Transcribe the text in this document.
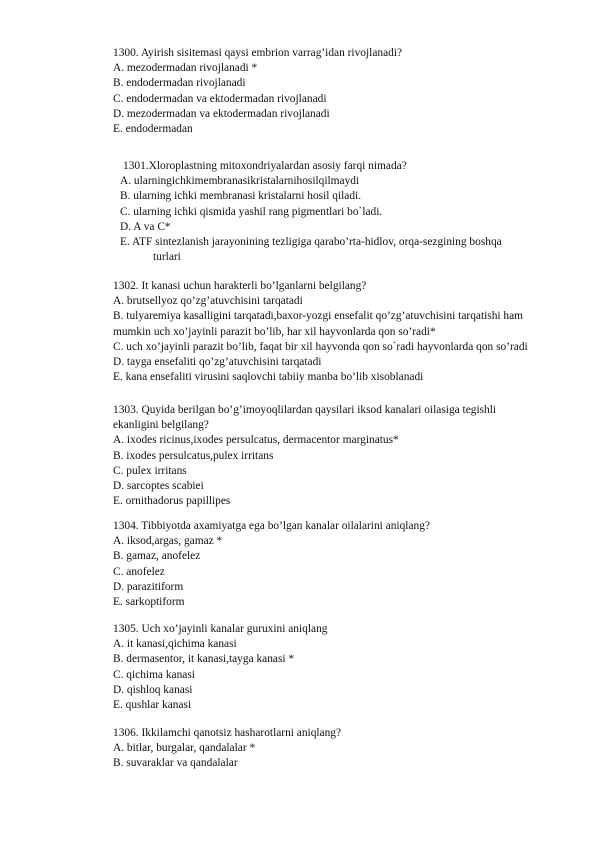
1300. Ayirish sisitemasi qaysi embrion varrag’idan rivojlanadi?
A. mezodermadan rivojlanadi *
B. endodermadan rivojlanadi
C. endodermadan va ektodermadan rivojlanadi
D. mezodermadan va ektodermadan rivojlanadi
E. endodermadan
1301.Xloroplastning mitoxondriyalardan asosiy farqi nimada?
A. ularningichkimembranasikristalarnihosilqilmaydi
B. ularning ichki membranasi kristalarni hosil qiladi.
C. ularning ichki qismida yashil rang pigmentlari bo`ladi.
D. A va C*
E. ATF sintezlanish jarayonining tezligiga qarabo’rta-hidlov, orqa-sezgining boshqa
turlari
1302. It kanasi uchun harakterli bo’lganlarni belgilang?
A. brutsellyoz qo’zg’atuvchisini tarqatadi
B. tulyaremiya kasalligini tarqatadi,baxor-yozgi ensefalit qo’zg’atuvchisini tarqatishi ham
mumkin uch xo’jayinli parazit bo’lib, har xil hayvonlarda qon so’radi*
C. uch xo’jayinli parazit bo’lib, faqat bir xil hayvonda qon so`radi hayvonlarda qon so’radi
D. tayga ensefaliti qo’zg’atuvchisini tarqatadi
E. kana ensefaliti virusini saqlovchi tabiiy manba bo’lib xisoblanadi
1303. Quyida berilgan bo’g’imoyoqlilardan qaysilari iksod kanalari oilasiga tegishli
ekanligini belgilang?
A. ixodes ricinus,ixodes persulcatus, dermacentor marginatus*
B. ixodes persulcatus,pulex irritans
C. pulex irritans
D. sarcoptes scabiei
E. ornithadorus papillipes
1304. Tibbiyotda axamiyatga ega bo’lgan kanalar oilalarini aniqlang?
A. iksod,argas, gamaz *
B. gamaz, anofelez
C. anofelez
D. parazitiform
E. sarkoptiform
1305. Uch xo’jayinli kanalar guruxini aniqlang
A. it kanasi,qichima kanasi
B. dermasentor, it kanasi,tayga kanasi *
C. qichima kanasi
D. qishloq kanasi
E. qushlar kanasi
1306. Ikkilamchi qanotsiz hasharotlarni aniqlang?
A. bitlar, burgalar, qandalalar *
B. suvaraklar va qandalalar
